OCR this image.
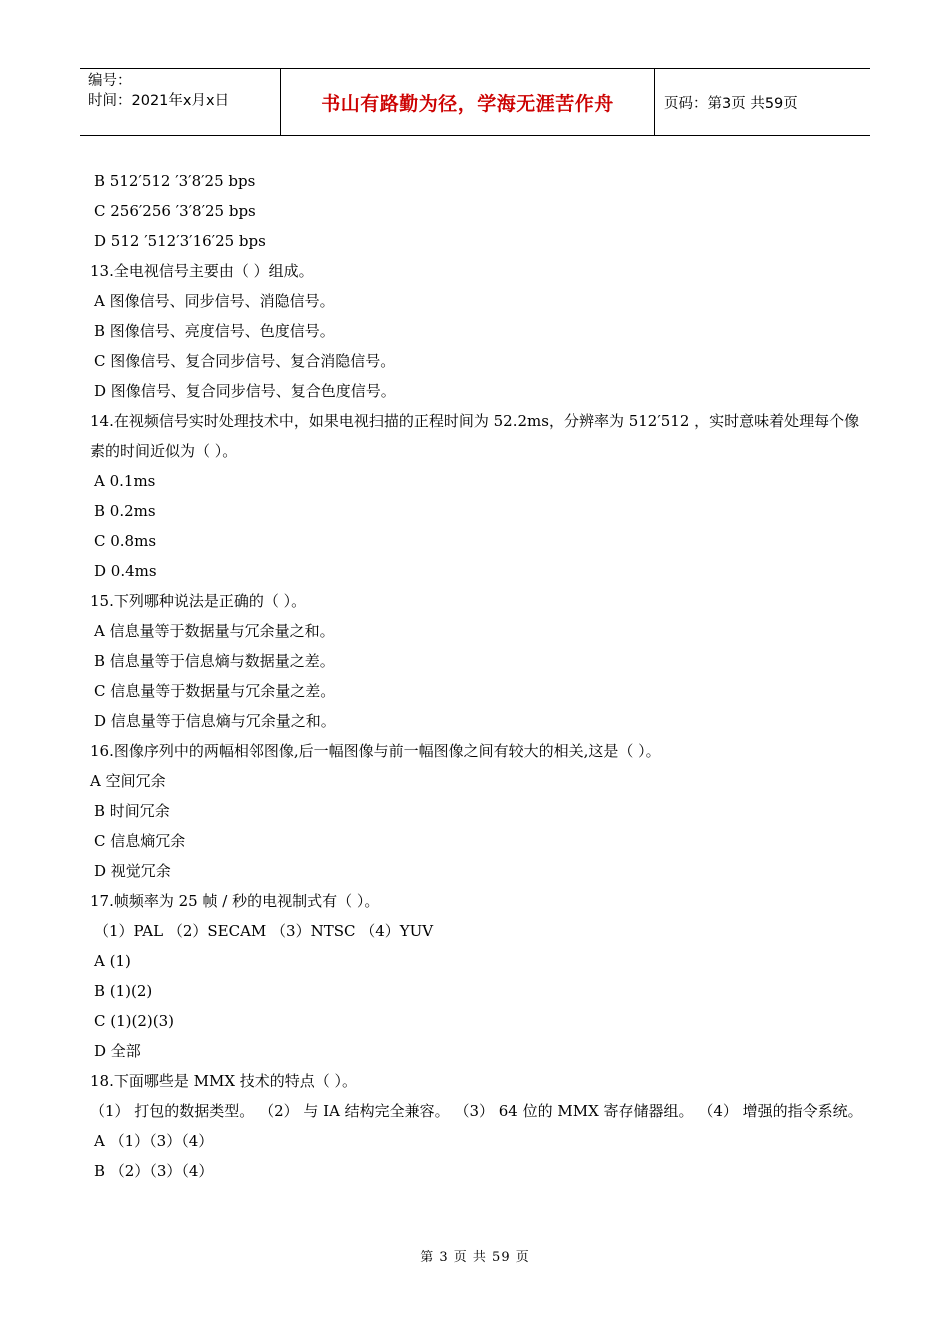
编号：
时间：2021年x月x日	书山有路勤为径，学海无涯苦作舟	页码：第3页 共59页
B 512′512 ′3′8′25 bps
C 256′256 ′3′8′25 bps
D 512 ′512′3′16′25 bps
13.全电视信号主要由（ ）组成。
A 图像信号、同步信号、消隐信号。
B 图像信号、亮度信号、色度信号。
C 图像信号、复合同步信号、复合消隐信号。
D 图像信号、复合同步信号、复合色度信号。
14.在视频信号实时处理技术中，如果电视扫描的正程时间为 52.2ms，分辨率为 512′512 ，实时意味着处理每个像素的时间近似为（ ）。
A 0.1ms
B 0.2ms
C 0.8ms
D 0.4ms
15.下列哪种说法是正确的（ ）。
A 信息量等于数据量与冗余量之和。
B 信息量等于信息熵与数据量之差。
C 信息量等于数据量与冗余量之差。
D 信息量等于信息熵与冗余量之和。
16.图像序列中的两幅相邻图像,后一幅图像与前一幅图像之间有较大的相关,这是（ ）。
A 空间冗余
B 时间冗余
C 信息熵冗余
D 视觉冗余
17.帧频率为 25 帧 / 秒的电视制式有（ ）。
（1）PAL （2）SECAM （3）NTSC （4）YUV
A (1)
B (1)(2)
C (1)(2)(3)
D 全部
18.下面哪些是 MMX 技术的特点（ ）。
（1） 打包的数据类型。 （2） 与 IA 结构完全兼容。 （3） 64 位的 MMX 寄存储器组。 （4） 增强的指令系统。
A （1）（3）（4）
B （2）（3）（4）
第 3 页 共 59 页
